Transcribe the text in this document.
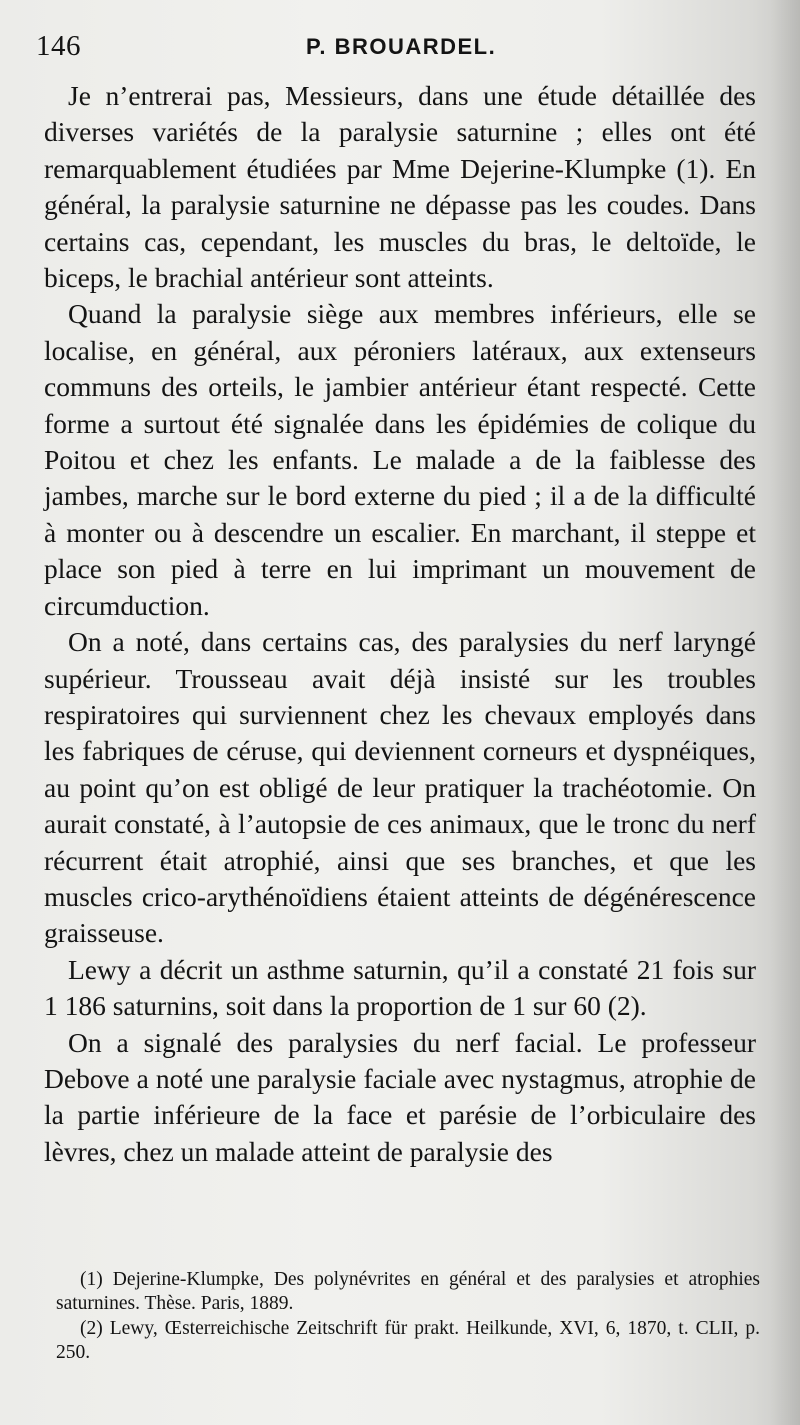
146	P. BROUARDEL.

Je n’entrerai pas, Messieurs, dans une étude détaillée des diverses variétés de la paralysie saturnine ; elles ont été remarquablement étudiées par Mme Dejerine-Klumpke (1). En général, la paralysie saturnine ne dépasse pas les coudes. Dans certains cas, cependant, les muscles du bras, le deltoïde, le biceps, le brachial antérieur sont atteints.

Quand la paralysie siège aux membres inférieurs, elle se localise, en général, aux péroniers latéraux, aux extenseurs communs des orteils, le jambier antérieur étant respecté. Cette forme a surtout été signalée dans les épidémies de colique du Poitou et chez les enfants. Le malade a de la faiblesse des jambes, marche sur le bord externe du pied ; il a de la difficulté à monter ou à descendre un escalier. En marchant, il steppe et place son pied à terre en lui imprimant un mouvement de circumduction.

On a noté, dans certains cas, des paralysies du nerf laryngé supérieur. Trousseau avait déjà insisté sur les troubles respiratoires qui surviennent chez les chevaux employés dans les fabriques de céruse, qui deviennent corneurs et dyspnéiques, au point qu’on est obligé de leur pratiquer la trachéotomie. On aurait constaté, à l’autopsie de ces animaux, que le tronc du nerf récurrent était atrophié, ainsi que ses branches, et que les muscles crico-arythénoïdiens étaient atteints de dégénérescence graisseuse.

Lewy a décrit un asthme saturnin, qu’il a constaté 21 fois sur 1 186 saturnins, soit dans la proportion de 1 sur 60 (2).

On a signalé des paralysies du nerf facial. Le professeur Debove a noté une paralysie faciale avec nystagmus, atrophie de la partie inférieure de la face et parésie de l’orbiculaire des lèvres, chez un malade atteint de paralysie des

(1) Dejerine-Klumpke, Des polynévrites en général et des paralysies et atrophies saturnines. Thèse. Paris, 1889.

(2) Lewy, Œsterreichische Zeitschrift für prakt. Heilkunde, XVI, 6, 1870, t. CLII, p. 250.
